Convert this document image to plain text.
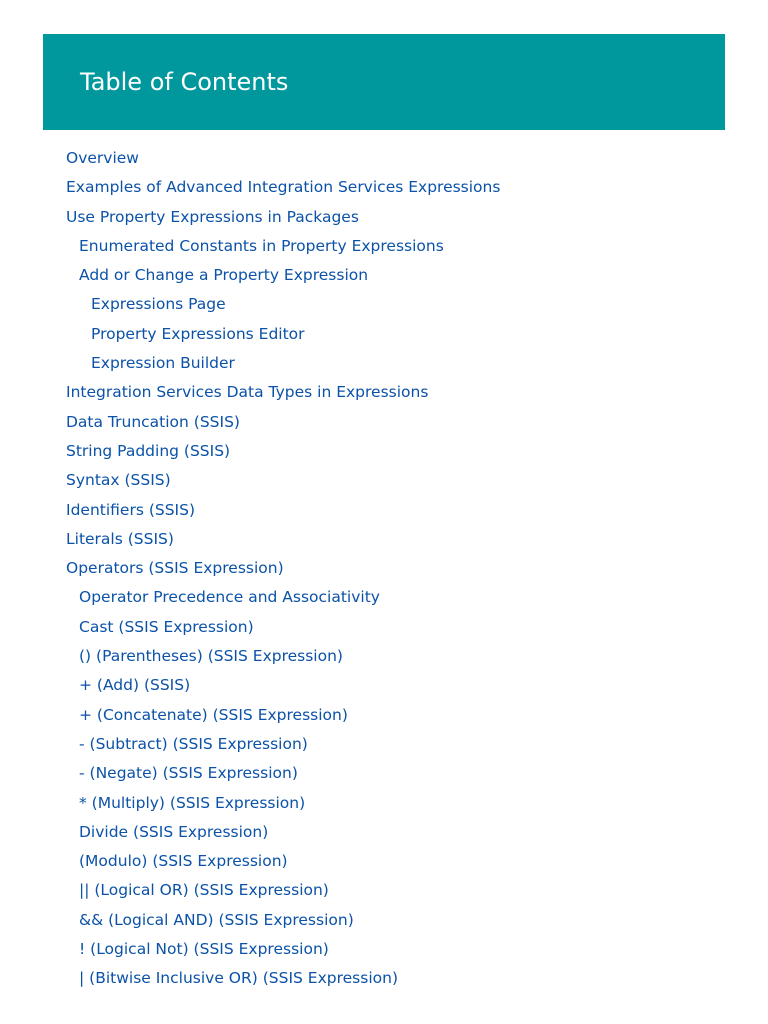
Table of Contents
Overview
Examples of Advanced Integration Services Expressions
Use Property Expressions in Packages
Enumerated Constants in Property Expressions
Add or Change a Property Expression
Expressions Page
Property Expressions Editor
Expression Builder
Integration Services Data Types in Expressions
Data Truncation (SSIS)
String Padding (SSIS)
Syntax (SSIS)
Identifiers (SSIS)
Literals (SSIS)
Operators (SSIS Expression)
Operator Precedence and Associativity
Cast (SSIS Expression)
() (Parentheses) (SSIS Expression)
+ (Add) (SSIS)
+ (Concatenate) (SSIS Expression)
- (Subtract) (SSIS Expression)
- (Negate) (SSIS Expression)
* (Multiply) (SSIS Expression)
Divide (SSIS Expression)
(Modulo) (SSIS Expression)
|| (Logical OR) (SSIS Expression)
&& (Logical AND) (SSIS Expression)
! (Logical Not) (SSIS Expression)
| (Bitwise Inclusive OR) (SSIS Expression)
